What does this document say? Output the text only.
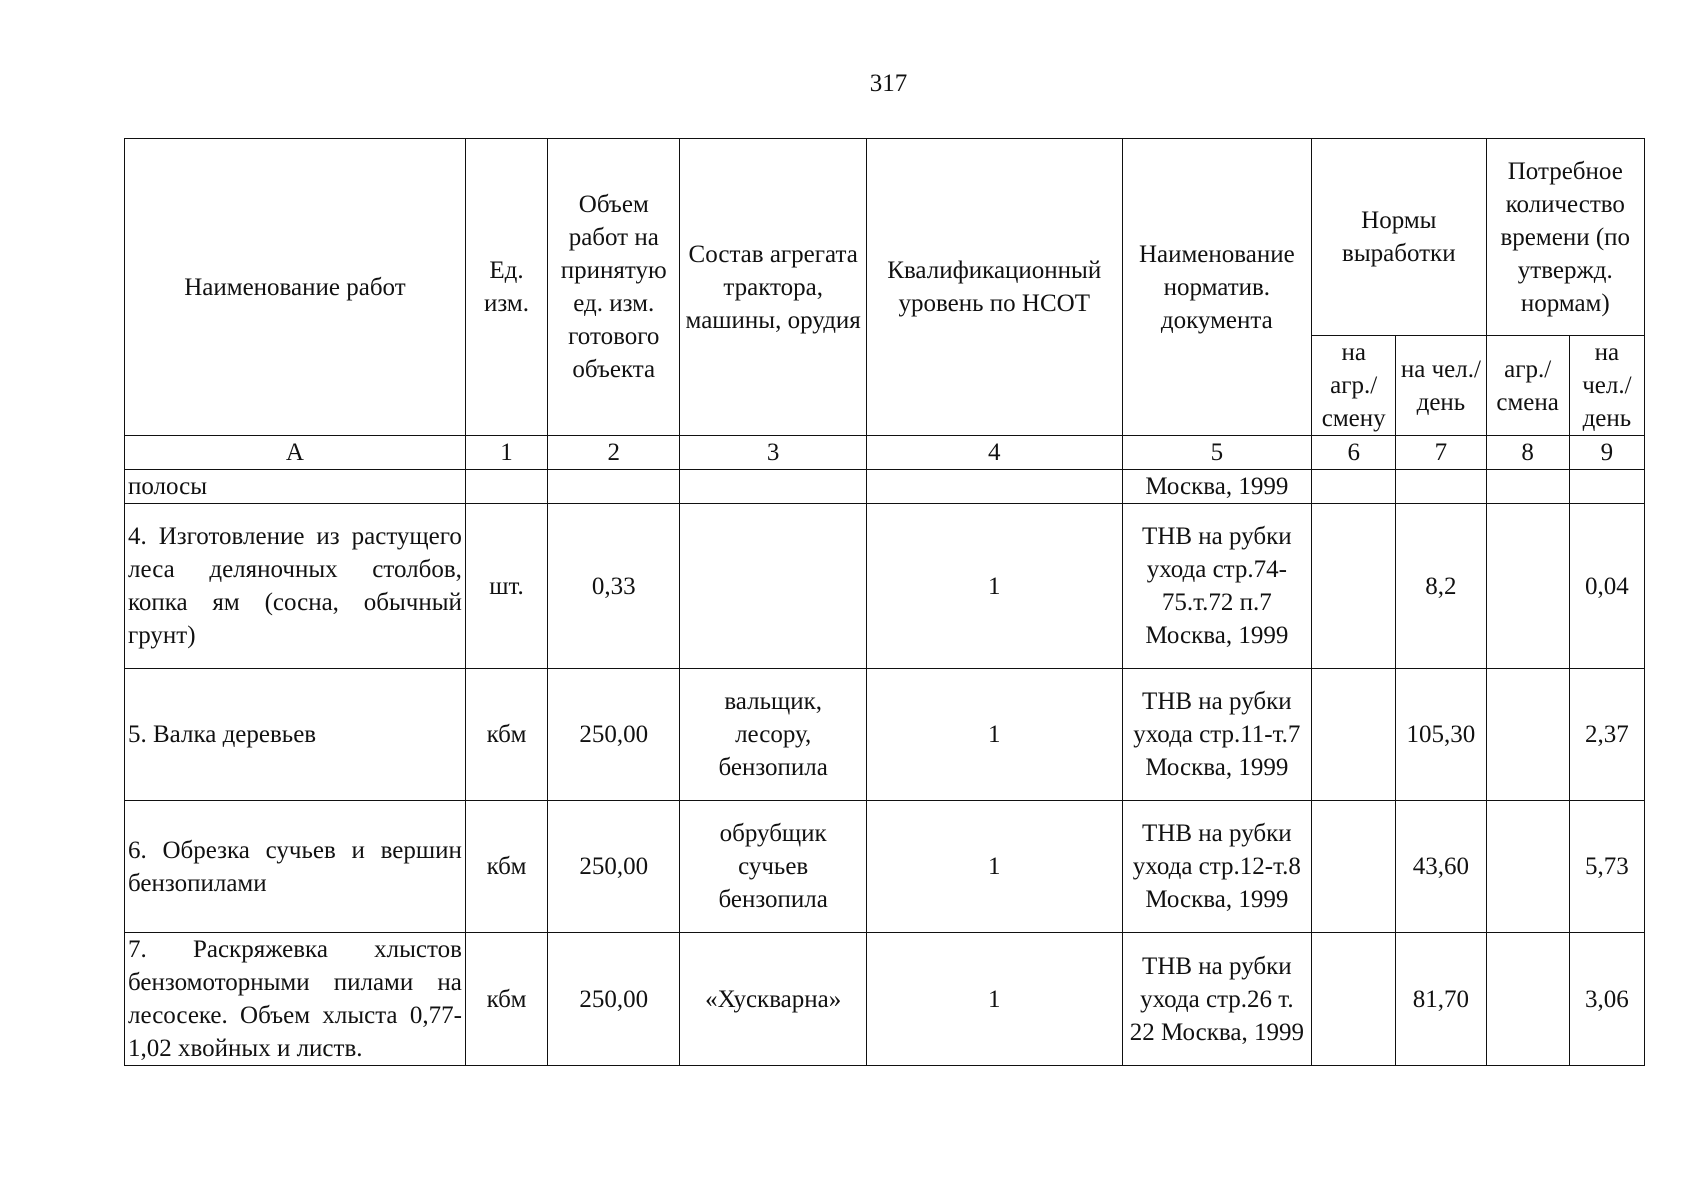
317
Наименование работ	Ед. изм.	Объем работ на принятую ед. изм. готового объекта	Состав агрегата трактора, машины, орудия	Квалификационный уровень по НСОТ	Наименование норматив. документа	Нормы выработки		Потребное количество времени (по утвержд. нормам)	
						на агр./ смену	на чел./ день	агр./ смена	на чел./ день
А	1	2	3	4	5	6	7	8	9
полосы					Москва, 1999				
4. Изготовление из растущего леса деляночных столбов, копка ям (сосна, обычный грунт)	шт.	0,33		1	ТНВ на рубки ухода стр.74-75.т.72 п.7 Москва, 1999		8,2		0,04
5. Валка деревьев	кбм	250,00	вальщик, лесору, бензопила	1	ТНВ на рубки ухода стр.11-т.7 Москва, 1999		105,30		2,37
6. Обрезка сучьев и вершин бензопилами	кбм	250,00	обрубщик сучьев бензопила	1	ТНВ на рубки ухода стр.12-т.8 Москва, 1999		43,60		5,73
7. Раскряжевка хлыстов бензомоторными пилами на лесосеке. Объем хлыста 0,77-1,02 хвойных и листв.	кбм	250,00	«Хускварна»	1	ТНВ на рубки ухода стр.26 т. 22 Москва, 1999		81,70		3,06
